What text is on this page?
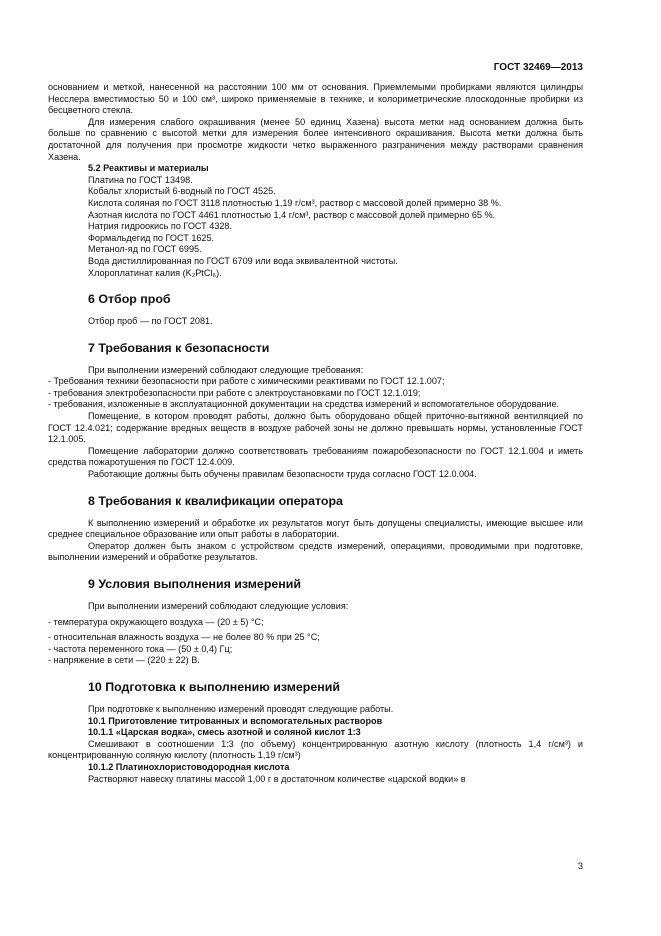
ГОСТ 32469—2013

основанием и меткой, нанесенной на расстоянии 100 мм от основания. Приемлемыми пробирками являются цилиндры Несслера вместимостью 50 и 100 см³, широко применяемые в технике, и колориметрические плоскодонные пробирки из бесцветного стекла.

Для измерения слабого окрашивания (менее 50 единиц Хазена) высота метки над основанием должна быть больше по сравнению с высотой метки для измерения более интенсивного окрашивания. Высота метки должна быть достаточной для получения при просмотре жидкости четко выраженного разграничения между растворами сравнения Хазена.

5.2 Реактивы и материалы

Платина по ГОСТ 13498.

Кобальт хлористый 6-водный по ГОСТ 4525.

Кислота соляная по ГОСТ 3118 плотностью 1,19 г/см³, раствор с массовой долей примерно 38 %.

Азотная кислота по ГОСТ 4461 плотностью 1,4 г/см³, раствор с массовой долей примерно 65 %.

Натрия гидроокись по ГОСТ 4328.

Формальдегид по ГОСТ 1625.

Метанол-яд по ГОСТ 6995.

Вода дистиллированная по ГОСТ 6709 или вода эквивалентной чистоты.

Хлороплатинат калия (K₂PtCl₆).

6 Отбор проб

Отбор проб — по ГОСТ 2081.

7 Требования к безопасности

При выполнении измерений соблюдают следующие требования:

- Требования техники безопасности при работе с химическими реактивами по ГОСТ 12.1.007;

- требования электробезопасности при работе с электроустановками по ГОСТ 12.1.019;

- требования, изложенные в эксплуатационной документации на средства измерений и вспомогательное оборудование.

Помещение, в котором проводят работы, должно быть оборудовано общей приточно-вытяжной вентиляцией по ГОСТ 12.4.021; содержание вредных веществ в воздухе рабочей зоны не должно превышать нормы, установленные ГОСТ 12.1.005.

Помещение лаборатории должно соответствовать требованиям пожаробезопасности по ГОСТ 12.1.004 и иметь средства пожаротушения по ГОСТ 12.4.009.

Работающие должны быть обучены правилам безопасности труда согласно ГОСТ 12.0.004.

8 Требования к квалификации оператора

К выполнению измерений и обработке их результатов могут быть допущены специалисты, имеющие высшее или среднее специальное образование или опыт работы в лаборатории.

Оператор должен быть знаком с устройством средств измерений, операциями, проводимыми при подготовке, выполнении измерений и обработке результатов.

9 Условия выполнения измерений

При выполнении измерений соблюдают следующие условия:

- температура окружающего воздуха — (20 ± 5) °С;

- относительная влажность воздуха — не более 80 % при 25 °С;

- частота переменного тока — (50 ± 0,4) Гц;

- напряжение в сети — (220 ± 22) В.

10 Подготовка к выполнению измерений

При подготовке к выполнению измерений проводят следующие работы.

10.1 Приготовление титрованных и вспомогательных растворов

10.1.1 «Царская водка», смесь азотной и соляной кислот 1:3

Смешивают в соотношении 1:3 (по объему) концентрированную азотную кислоту (плотность 1,4 г/см³) и концентрированную соляную кислоту (плотность 1,19 г/см³)

10.1.2 Платинохлористоводородная кислота

Растворяют навеску платины массой 1,00 г в достаточном количестве «царской водки» в

3
